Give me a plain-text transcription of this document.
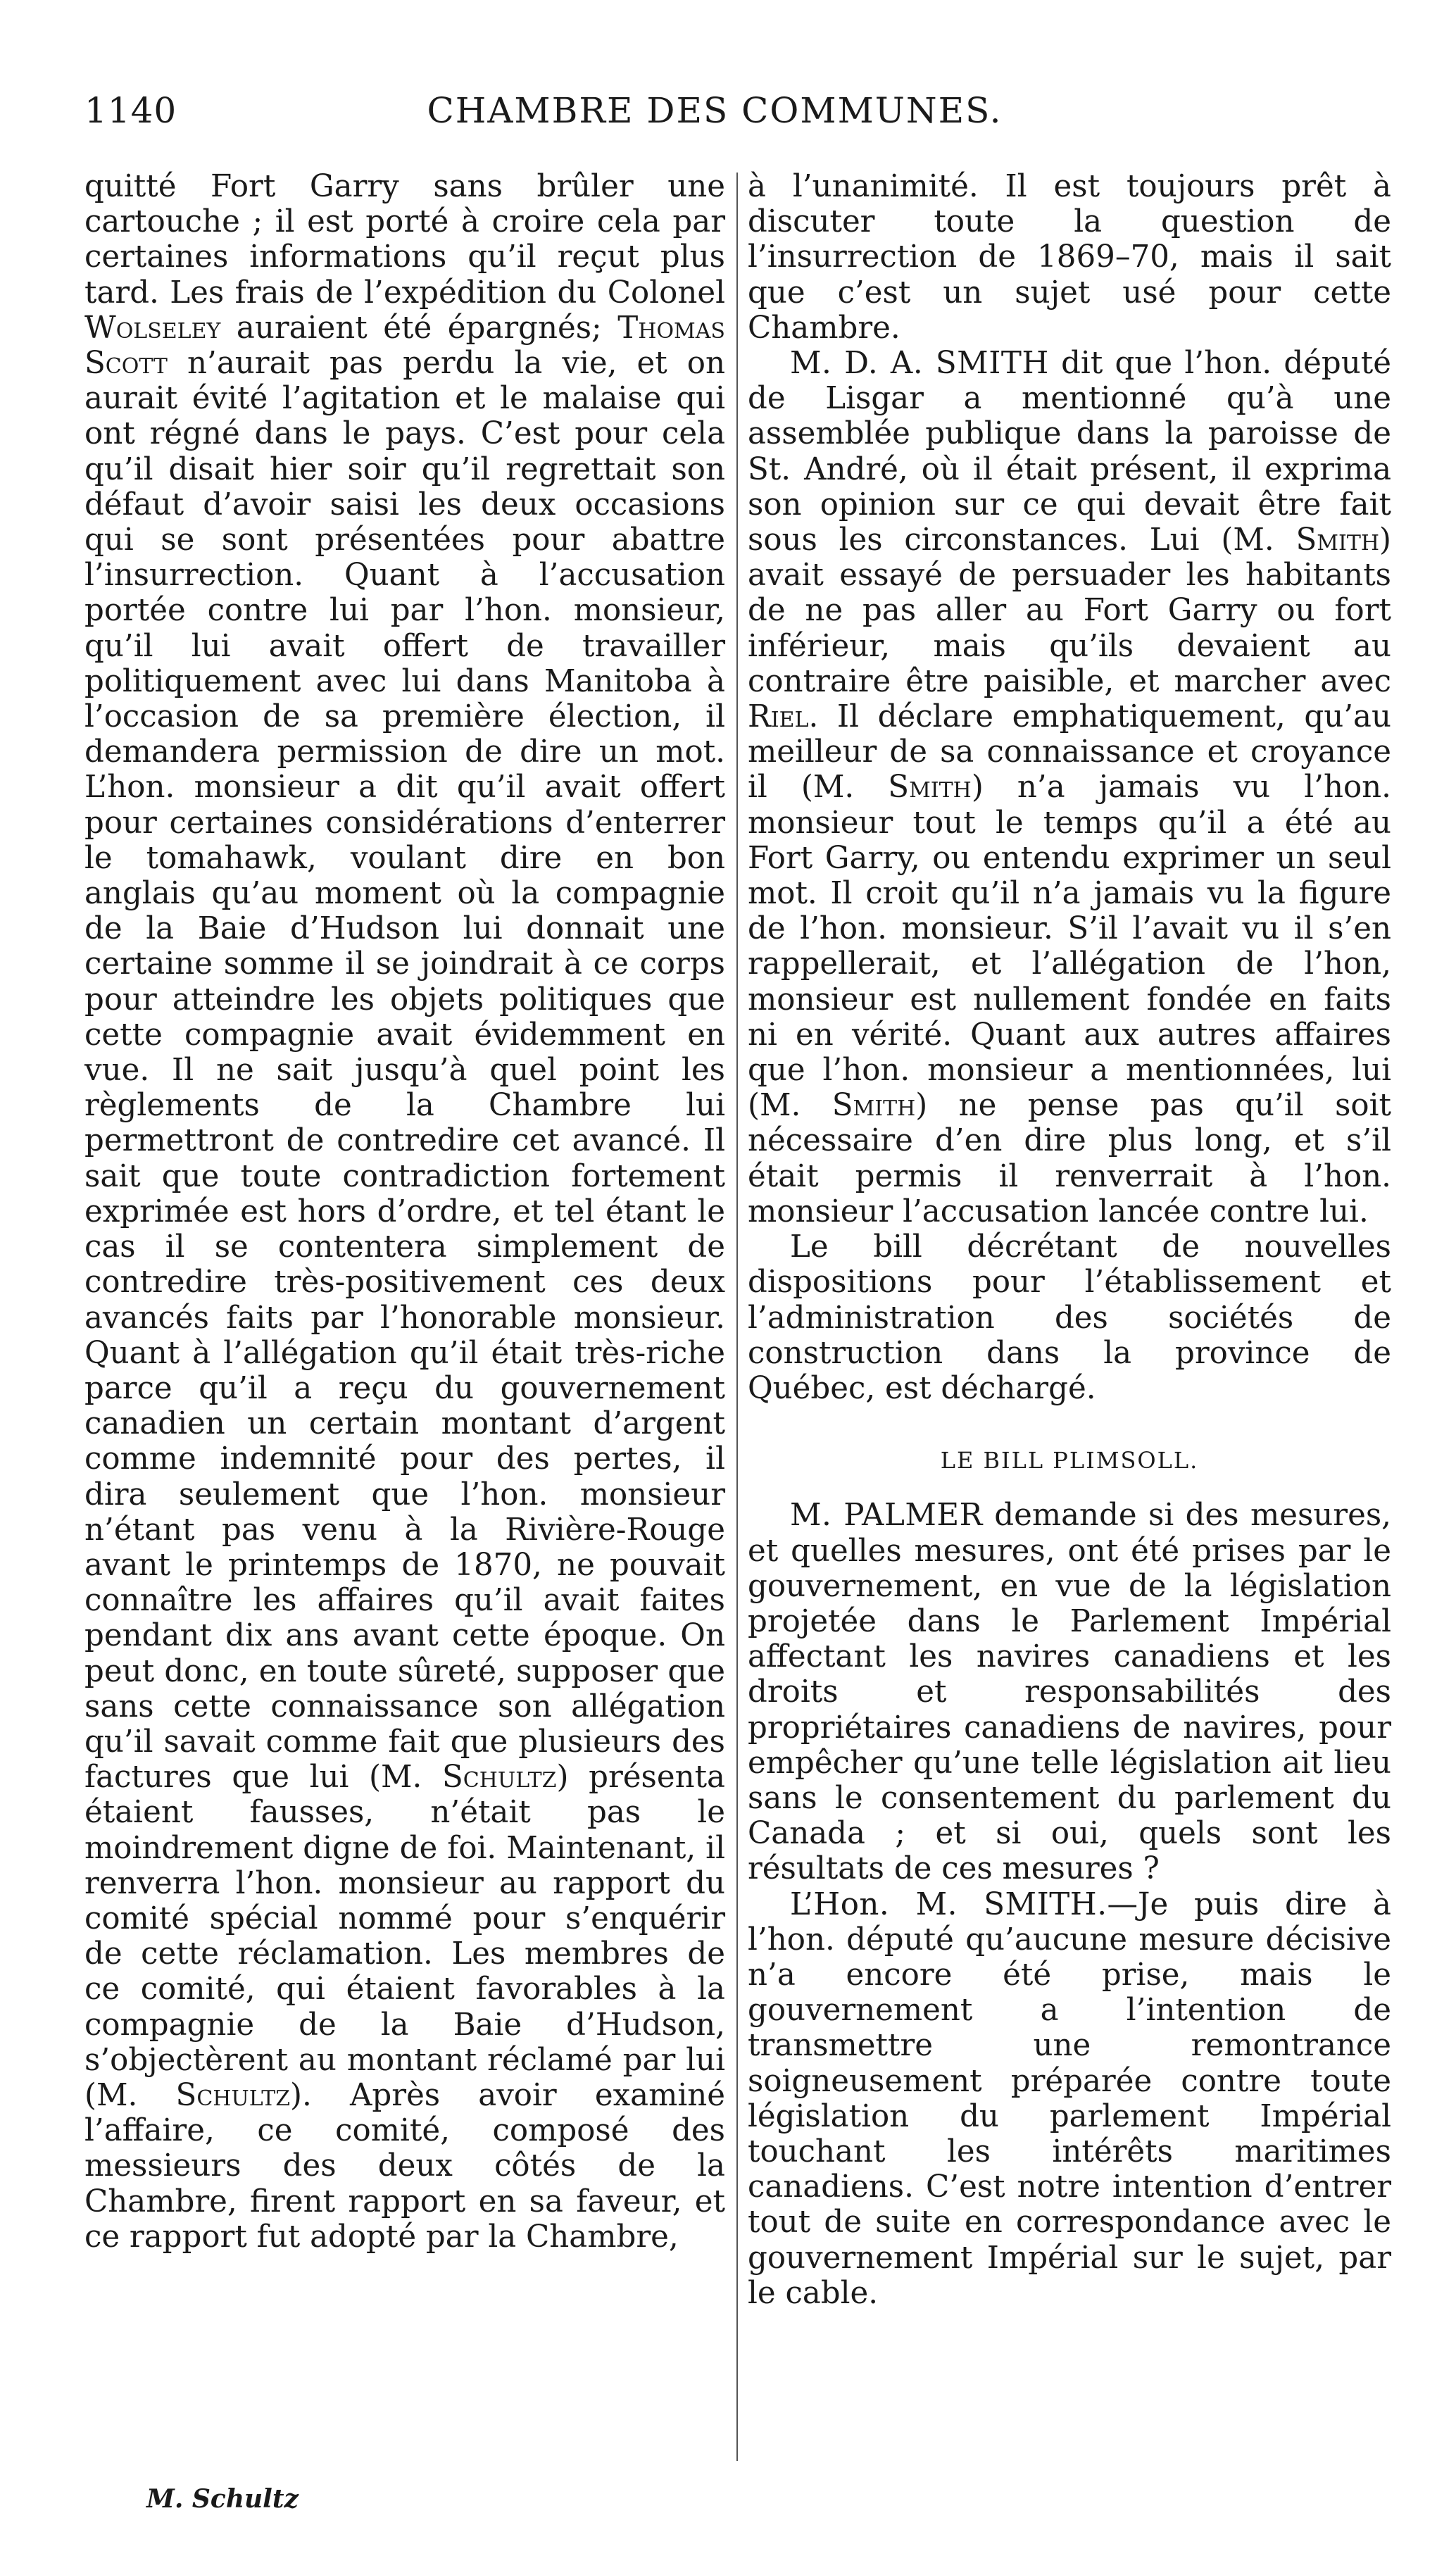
1140	CHAMBRE DES COMMUNES.

quitté Fort Garry sans brûler une cartouche ; il est porté à croire cela par certaines informations qu’il reçut plus tard. Les frais de l’expédition du Colonel Wolseley auraient été épargnés; Thomas Scott n’aurait pas perdu la vie, et on aurait évité l’agitation et le malaise qui ont régné dans le pays. C’est pour cela qu’il disait hier soir qu’il regrettait son défaut d’avoir saisi les deux occasions qui se sont présentées pour abattre l’insurrection. Quant à l’accusation portée contre lui par l’hon. monsieur, qu’il lui avait offert de travailler politiquement avec lui dans Manitoba à l’occasion de sa première élection, il demandera permission de dire un mot. L’hon. monsieur a dit qu’il avait offert pour certaines considérations d’enterrer le tomahawk, voulant dire en bon anglais qu’au moment où la compagnie de la Baie d’Hudson lui donnait une certaine somme il se joindrait à ce corps pour atteindre les objets politiques que cette compagnie avait évidemment en vue. Il ne sait jusqu’à quel point les règlements de la Chambre lui permettront de contredire cet avancé. Il sait que toute contradiction fortement exprimée est hors d’ordre, et tel étant le cas il se contentera simplement de contredire très-positivement ces deux avancés faits par l’honorable monsieur. Quant à l’allégation qu’il était très-riche parce qu’il a reçu du gouvernement canadien un certain montant d’argent comme indemnité pour des pertes, il dira seulement que l’hon. monsieur n’étant pas venu à la Rivière-Rouge avant le printemps de 1870, ne pouvait connaître les affaires qu’il avait faites pendant dix ans avant cette époque. On peut donc, en toute sûreté, supposer que sans cette connaissance son allégation qu’il savait comme fait que plusieurs des factures que lui (M. Schultz) présenta étaient fausses, n’était pas le moindrement digne de foi. Maintenant, il renverra l’hon. monsieur au rapport du comité spécial nommé pour s’enquérir de cette réclamation. Les membres de ce comité, qui étaient favorables à la compagnie de la Baie d’Hudson, s’objectèrent au montant réclamé par lui (M. Schultz). Après avoir examiné l’affaire, ce comité, composé des messieurs des deux côtés de la Chambre, firent rapport en sa faveur, et ce rapport fut adopté par la Chambre,

à l’unanimité. Il est toujours prêt à discuter toute la question de l’insurrection de 1869–70, mais il sait que c’est un sujet usé pour cette Chambre.

M. D. A. SMITH dit que l’hon. député de Lisgar a mentionné qu’à une assemblée publique dans la paroisse de St. André, où il était présent, il exprima son opinion sur ce qui devait être fait sous les circonstances. Lui (M. Smith) avait essayé de persuader les habitants de ne pas aller au Fort Garry ou fort inférieur, mais qu’ils devaient au contraire être paisible, et marcher avec Riel. Il déclare emphatiquement, qu’au meilleur de sa connaissance et croyance il (M. Smith) n’a jamais vu l’hon. monsieur tout le temps qu’il a été au Fort Garry, ou entendu exprimer un seul mot. Il croit qu’il n’a jamais vu la figure de l’hon. monsieur. S’il l’avait vu il s’en rappellerait, et l’allégation de l’hon, monsieur est nullement fondée en faits ni en vérité. Quant aux autres affaires que l’hon. monsieur a mentionnées, lui (M. Smith) ne pense pas qu’il soit nécessaire d’en dire plus long, et s’il était permis il renverrait à l’hon. monsieur l’accusation lancée contre lui.

Le bill décrétant de nouvelles dispositions pour l’établissement et l’administration des sociétés de construction dans la province de Québec, est déchargé.

LE BILL PLIMSOLL.

M. PALMER demande si des mesures, et quelles mesures, ont été prises par le gouvernement, en vue de la législation projetée dans le Parlement Impérial affectant les navires canadiens et les droits et responsabilités des propriétaires canadiens de navires, pour empêcher qu’une telle législation ait lieu sans le consentement du parlement du Canada ; et si oui, quels sont les résultats de ces mesures ?

L’Hon. M. SMITH.—Je puis dire à l’hon. député qu’aucune mesure décisive n’a encore été prise, mais le gouvernement a l’intention de transmettre une remontrance soigneusement préparée contre toute législation du parlement Impérial touchant les intérêts maritimes canadiens. C’est notre intention d’entrer tout de suite en correspondance avec le gouvernement Impérial sur le sujet, par le cable.

M. Schultz
